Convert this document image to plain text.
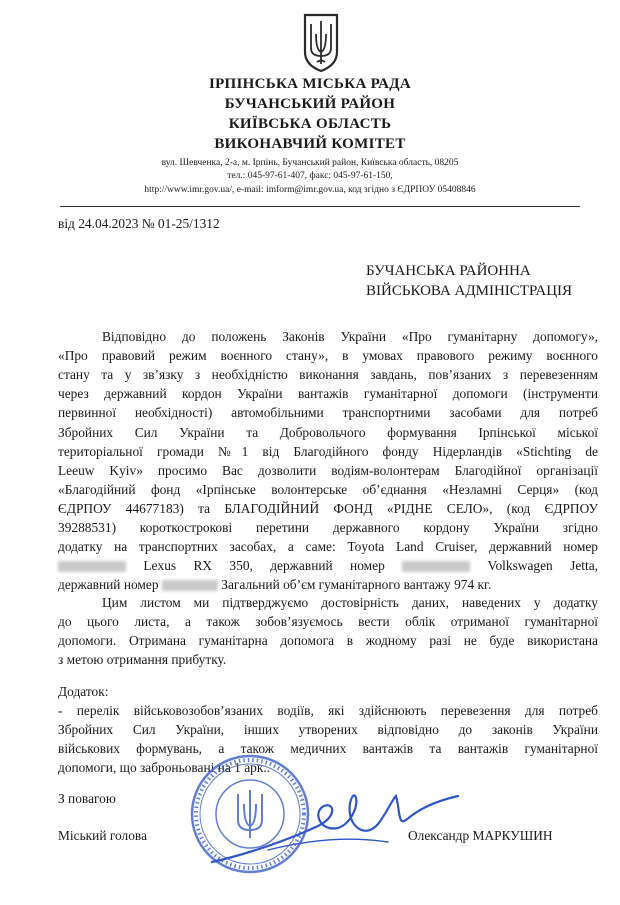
ІРПІНСЬКА МІСЬКА РАДА
БУЧАНСЬКИЙ РАЙОН
КИЇВСЬКА ОБЛАСТЬ
ВИКОНАВЧИЙ КОМІТЕТ
вул. Шевченка, 2-а, м. Ірпінь, Бучанський район, Київська область, 08205
тел.: 045-97-61-407, факс: 045-97-61-150,
http://www.imr.gov.ua/, e-mail: imform@imr.gov.ua, код згідно з ЄДРПОУ 05408846
від 24.04.2023 № 01-25/1312
БУЧАНСЬКА РАЙОННА
ВІЙСЬКОВА АДМІНІСТРАЦІЯ
Відповідно до положень Законів України «Про гуманітарну допомогу»,
«Про правовий режим воєнного стану», в умовах правового режиму воєнного
стану та у зв’язку з необхідністю виконання завдань, пов’язаних з перевезенням
через державний кордон України вантажів гуманітарної допомоги (інструменти
первинної необхідності) автомобільними транспортними засобами для потреб
Збройних Сил України та Добровольчого формування Ірпінської міської
територіальної громади №1 від Благодійного фонду Нідерландів «Stichting de
Leeuw Kyiv» просимо Вас дозволити водіям-волонтерам Благодійної організації
«Благодійний фонд «Ірпінське волонтерське об’єднання «Незламні Серця» (код
ЄДРПОУ 44677183) та БЛАГОДІЙНИЙ ФОНД «РІДНЕ СЕЛО», (код ЄДРПОУ
39288531) короткострокові перетини державного кордону України згідно
додатку на транспортних засобах, а саме: Toyota Land Cruiser, державний номер
Lexus RX 350, державний номер	Volkswagen Jetta,
державний номер	Загальний об’єм гуманітарного вантажу 974 кг.
Цим листом ми підтверджуємо достовірність даних, наведених у додатку
до цього листа, а також зобов’язуємось вести облік отриманої гуманітарної
допомоги. Отримана гуманітарна допомога в жодному разі не буде використана
з метою отримання прибутку.
Додаток:
- перелік військовозобов’язаних водіїв, які здійснюють перевезення для потреб
Збройних Сил України, інших утворених відповідно до законів України
військових формувань, а також медичних вантажів та вантажів гуманітарної
допомоги, що заброньовані на 1 арк..
З повагою
Міський голова	Олександр МАРКУШИН
